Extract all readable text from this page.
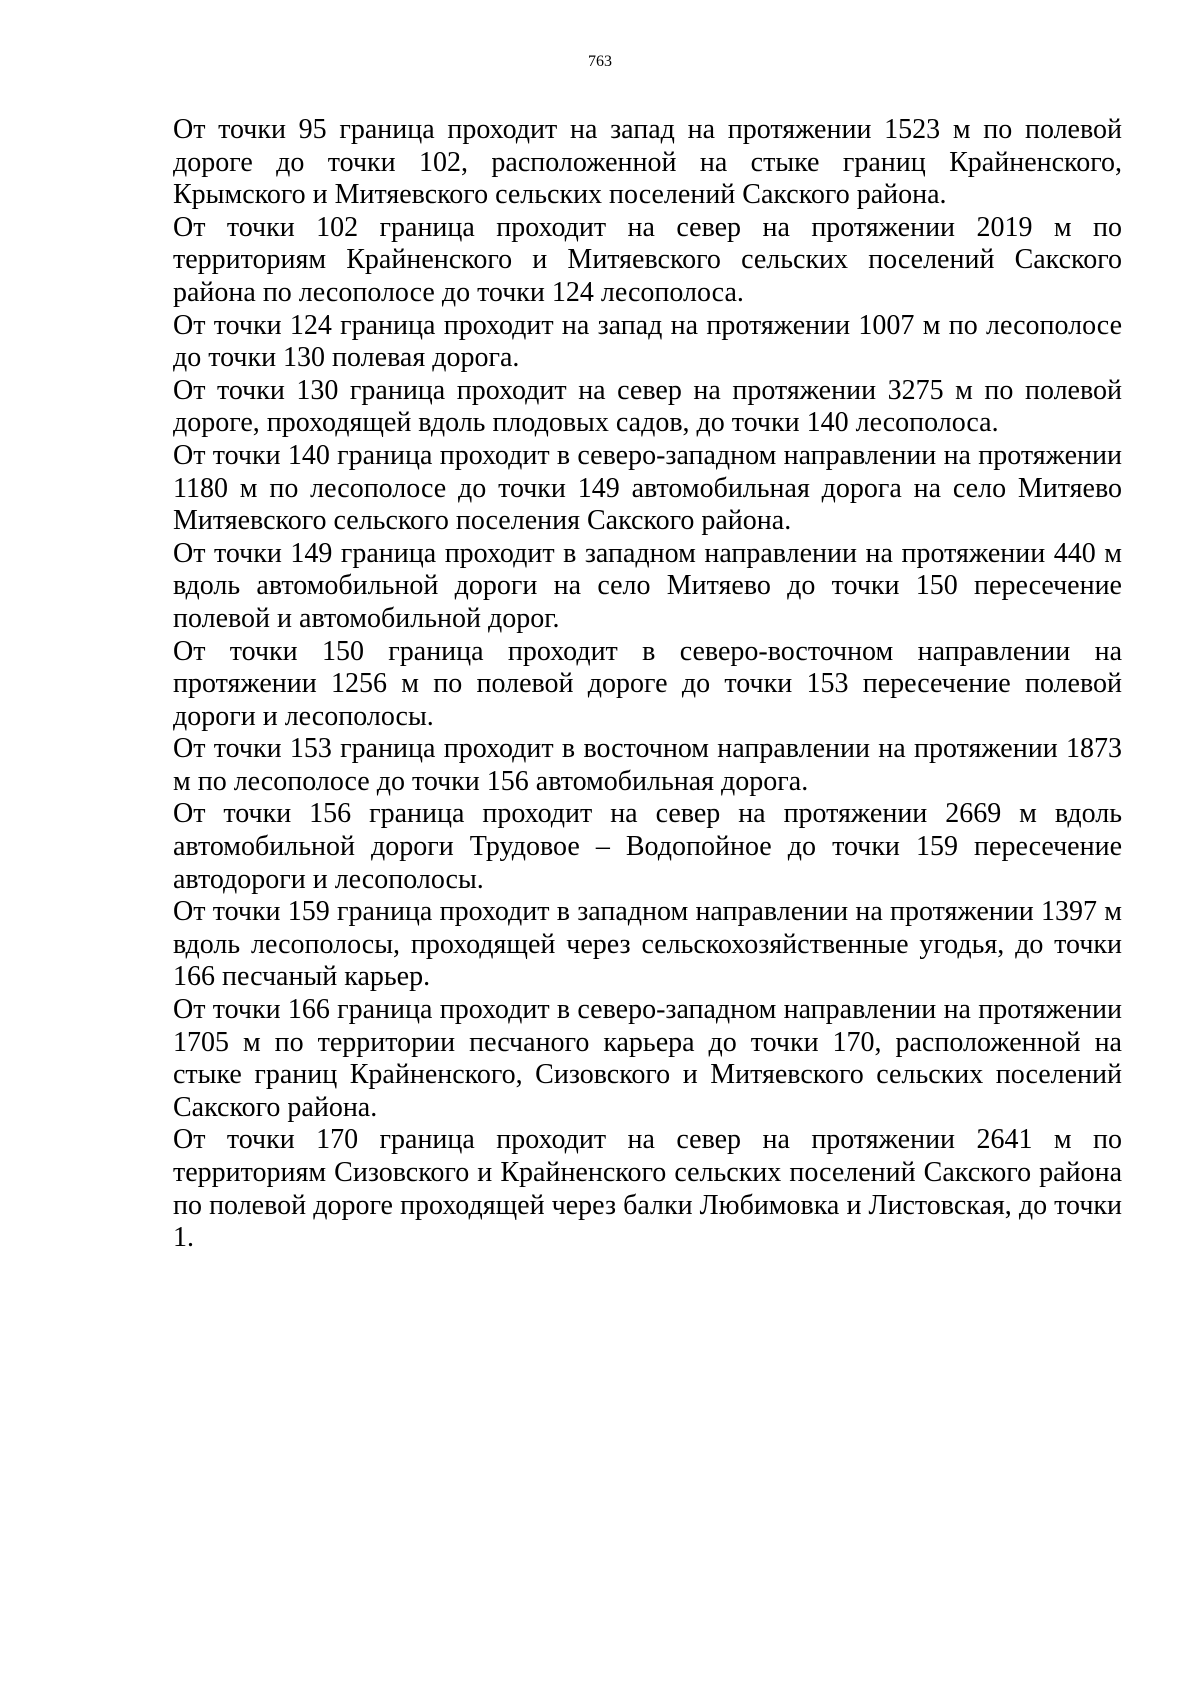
763

От точки 95 граница проходит на запад на протяжении 1523 м по полевой дороге до точки 102, расположенной на стыке границ Крайненского, Крымского и Митяевского сельских поселений Сакского района.

От точки 102 граница проходит на север на протяжении 2019 м по территориям Крайненского и Митяевского сельских поселений Сакского района по лесополосе до точки 124 лесополоса.

От точки 124 граница проходит на запад на протяжении 1007 м по лесополосе до точки 130 полевая дорога.

От точки 130 граница проходит на север на протяжении 3275 м по полевой дороге, проходящей вдоль плодовых садов, до точки 140 лесополоса.

От точки 140 граница проходит в северо-западном направлении на протяжении 1180 м по лесополосе до точки 149 автомобильная дорога на село Митяево Митяевского сельского поселения Сакского района.

От точки 149 граница проходит в западном направлении на протяжении 440 м вдоль автомобильной дороги на село Митяево до точки 150 пересечение полевой и автомобильной дорог.

От точки 150 граница проходит в северо-восточном направлении на протяжении 1256 м по полевой дороге до точки 153 пересечение полевой дороги и лесополосы.

От точки 153 граница проходит в восточном направлении на протяжении 1873 м по лесополосе до точки 156 автомобильная дорога.

От точки 156 граница проходит на север на протяжении 2669 м вдоль автомобильной дороги Трудовое – Водопойное до точки 159 пересечение автодороги и лесополосы.

От точки 159 граница проходит в западном направлении на протяжении 1397 м вдоль лесополосы, проходящей через сельскохозяйственные угодья, до точки 166 песчаный карьер.

От точки 166 граница проходит в северо-западном направлении на протяжении 1705 м по территории песчаного карьера до точки 170, расположенной на стыке границ Крайненского, Сизовского и Митяевского сельских поселений Сакского района.

От точки 170 граница проходит на север на протяжении 2641 м по территориям Сизовского и Крайненского сельских поселений Сакского района по полевой дороге проходящей через балки Любимовка и Листовская, до точки 1.
